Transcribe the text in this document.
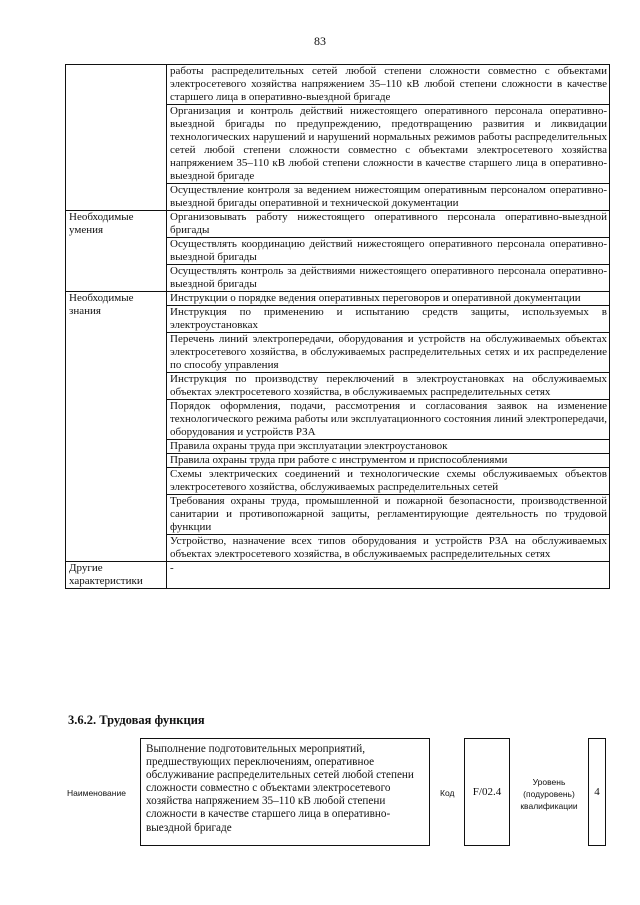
83
	работы распределительных сетей любой степени сложности совместно с объектами электросетевого хозяйства напряжением 35–110 кВ любой степени сложности в качестве старшего лица в оперативно-выездной бригаде
	Организация и контроль действий нижестоящего оперативного персонала оперативно-выездной бригады по предупреждению, предотвращению развития и ликвидации технологических нарушений и нарушений нормальных режимов работы распределительных сетей любой степени сложности совместно с объектами электросетевого хозяйства напряжением 35–110 кВ любой степени сложности в качестве старшего лица в оперативно-выездной бригаде
	Осуществление контроля за ведением нижестоящим оперативным персоналом оперативно-выездной бригады оперативной и технической документации
Необходимые умения	Организовывать работу нижестоящего оперативного персонала оперативно-выездной бригады
	Осуществлять координацию действий нижестоящего оперативного персонала оперативно-выездной бригады
	Осуществлять контроль за действиями нижестоящего оперативного персонала оперативно-выездной бригады
Необходимые знания	Инструкции о порядке ведения оперативных переговоров и оперативной документации
	Инструкция по применению и испытанию средств защиты, используемых в электроустановках
	Перечень линий электропередачи, оборудования и устройств на обслуживаемых объектах электросетевого хозяйства, в обслуживаемых распределительных сетях и их распределение по способу управления
	Инструкция по производству переключений в электроустановках на обслуживаемых объектах электросетевого хозяйства, в обслуживаемых распределительных сетях
	Порядок оформления, подачи, рассмотрения и согласования заявок на изменение технологического режима работы или эксплуатационного состояния линий электропередачи, оборудования и устройств РЗА
	Правила охраны труда при эксплуатации электроустановок
	Правила охраны труда при работе с инструментом и приспособлениями
	Схемы электрических соединений и технологические схемы обслуживаемых объектов электросетевого хозяйства, обслуживаемых распределительных сетей
	Требования охраны труда, промышленной и пожарной безопасности, производственной санитарии и противопожарной защиты, регламентирующие деятельность по трудовой функции
	Устройство, назначение всех типов оборудования и устройств РЗА на обслуживаемых объектах электросетевого хозяйства, в обслуживаемых распределительных сетях
Другие характеристики	-
3.6.2. Трудовая функция
Наименование
Выполнение подготовительных мероприятий, предшествующих переключениям, оперативное обслуживание распределительных сетей любой степени сложности совместно с объектами электросетевого хозяйства напряжением 35–110 кВ любой степени сложности в качестве старшего лица в оперативно-выездной бригаде
Код	F/02.4
Уровень (подуровень) квалификации
4
